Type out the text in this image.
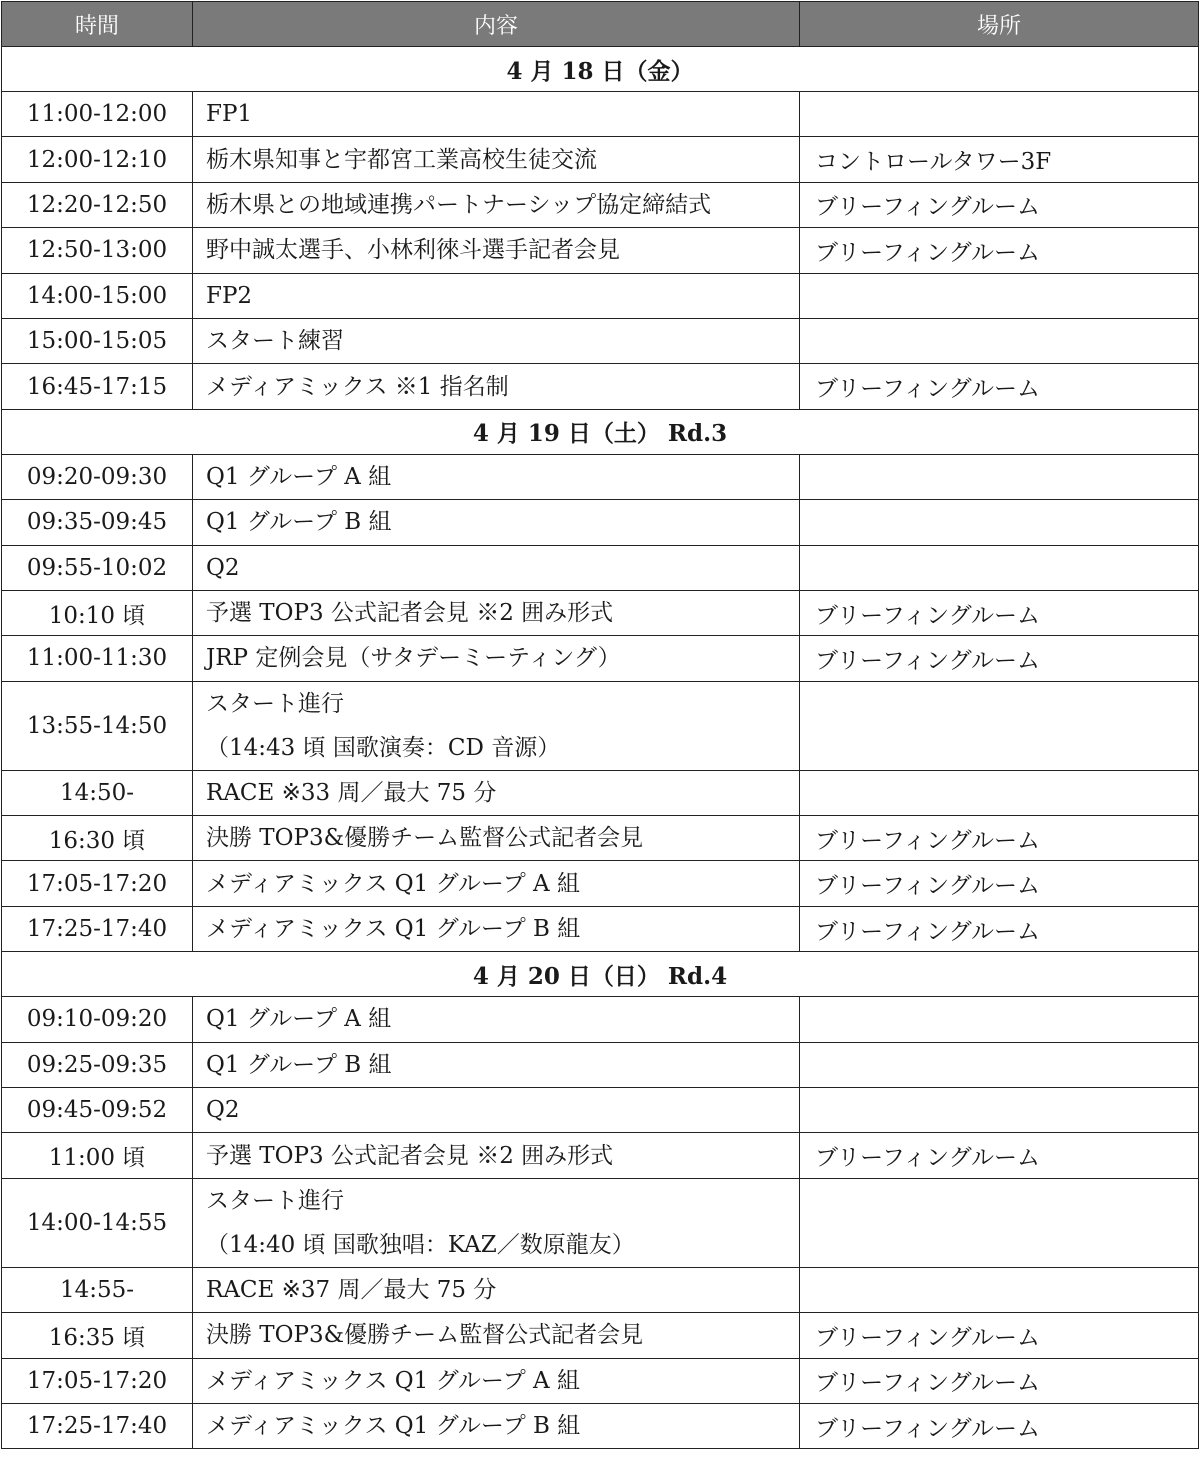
時間	内容	場所
4 月 18 日（金）		
11:00-12:00	FP1	

12:00-12:10	栃木県知事と宇都宮工業高校生徒交流	コントロールタワー3F
12:20-12:50	栃木県との地域連携パートナーシップ協定締結式	ブリーフィングルーム
12:50-13:00	野中誠太選手、小林利徠斗選手記者会見	ブリーフィングルーム
14:00-15:00	FP2	

15:00-15:05	スタート練習	

16:45-17:15	メディアミックス ※1 指名制	ブリーフィングルーム
4 月 19 日（土） Rd.3		
09:20-09:30	Q1 グループ A 組	

09:35-09:45	Q1 グループ B 組	

09:55-10:02	Q2	

10:10 頃	予選 TOP3 公式記者会見 ※2 囲み形式	ブリーフィングルーム
11:00-11:30	JRP 定例会見（サタデーミーティング）	ブリーフィングルーム
13:55-14:50	スタート進行
（14:43 頃 国歌演奏：CD 音源）	

14:50-	RACE ※33 周／最大 75 分	

16:30 頃	決勝 TOP3&優勝チーム監督公式記者会見	ブリーフィングルーム
17:05-17:20	メディアミックス Q1 グループ A 組	ブリーフィングルーム
17:25-17:40	メディアミックス Q1 グループ B 組	ブリーフィングルーム
4 月 20 日（日） Rd.4		
09:10-09:20	Q1 グループ A 組	

09:25-09:35	Q1 グループ B 組	

09:45-09:52	Q2	

11:00 頃	予選 TOP3 公式記者会見 ※2 囲み形式	ブリーフィングルーム
14:00-14:55	スタート進行
（14:40 頃 国歌独唱：KAZ／数原龍友）	

14:55-	RACE ※37 周／最大 75 分	

16:35 頃	決勝 TOP3&優勝チーム監督公式記者会見	ブリーフィングルーム
17:05-17:20	メディアミックス Q1 グループ A 組	ブリーフィングルーム
17:25-17:40	メディアミックス Q1 グループ B 組	ブリーフィングルーム
